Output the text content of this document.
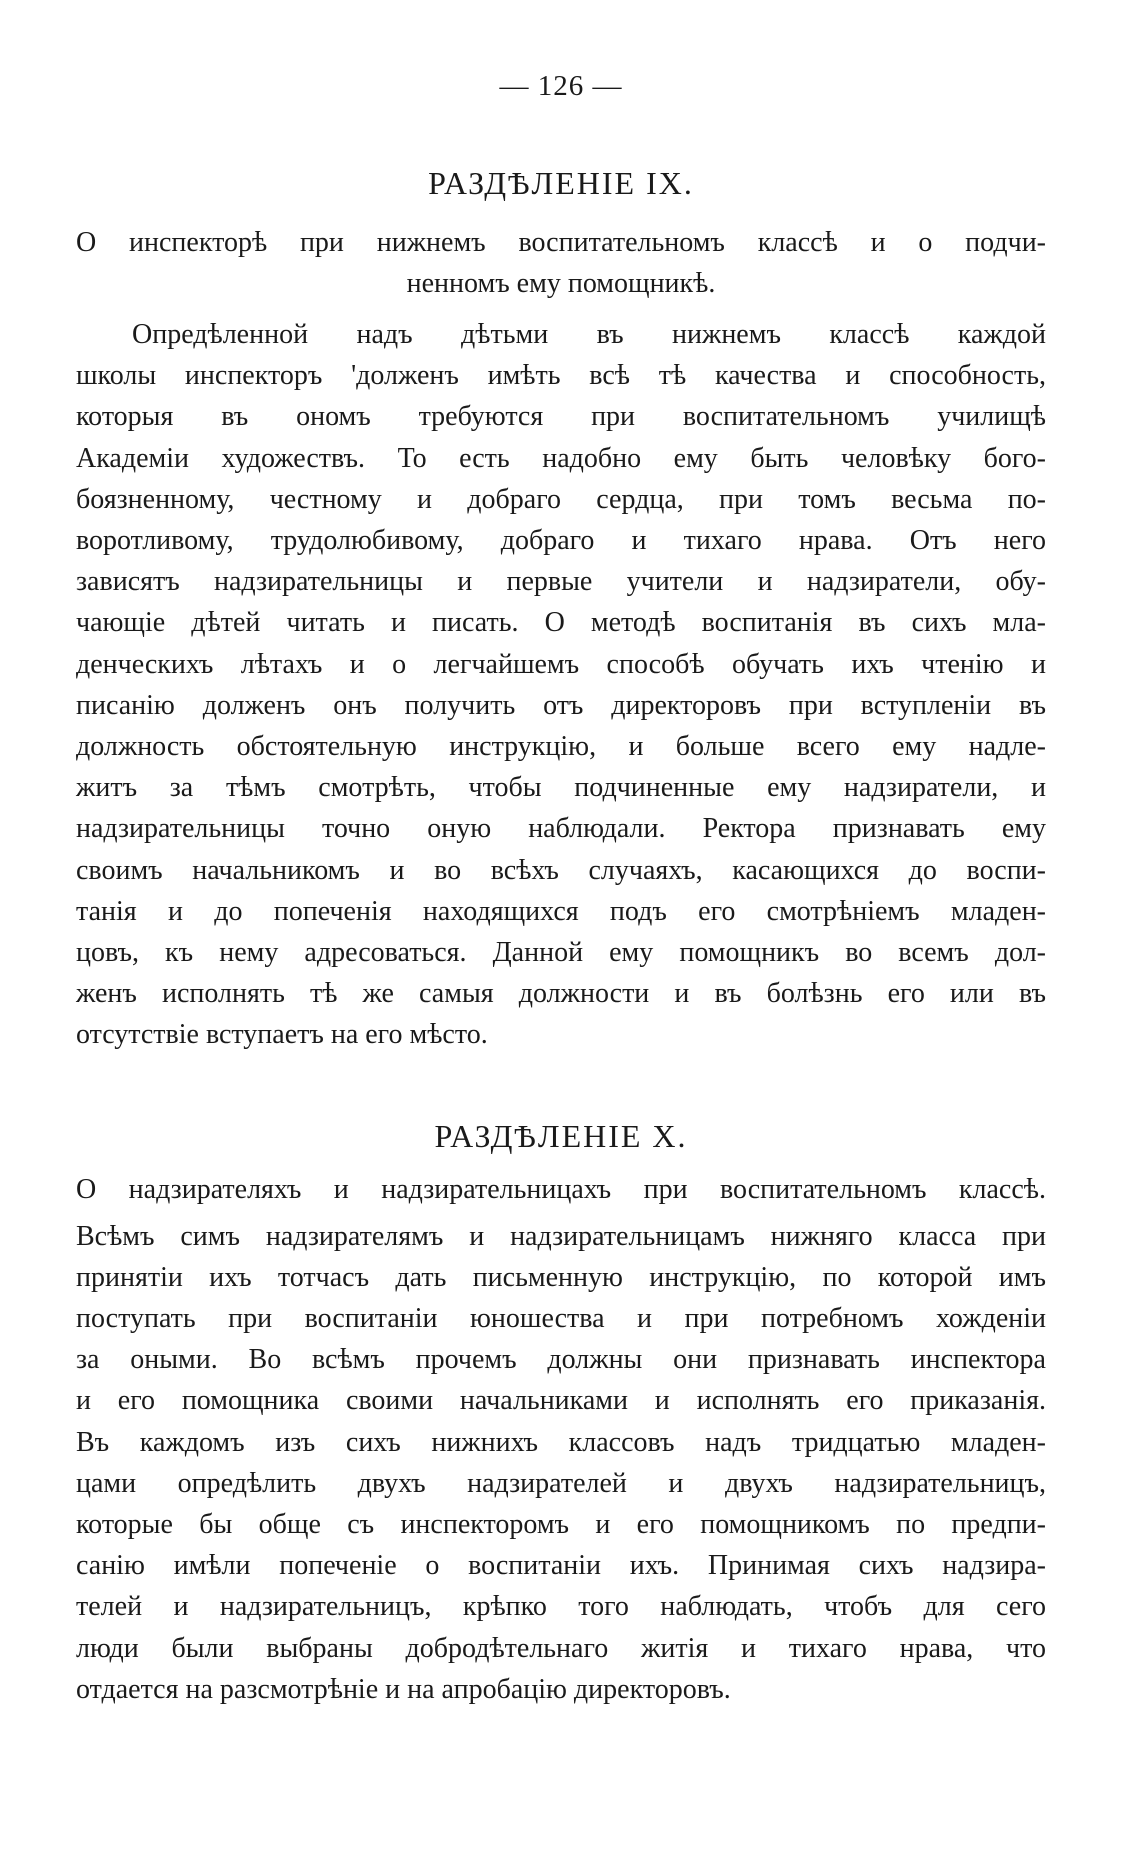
— 126 —
РАЗДѢЛЕНІЕ IX.
О инспекторѣ при нижнемъ воспитательномъ классѣ и о подчи-
ненномъ ему помощникѣ.
Опредѣленной надъ дѣтьми въ нижнемъ классѣ каждой
школы инспекторъ 'долженъ имѣть всѣ тѣ качества и способность,
которыя въ ономъ требуются при воспитательномъ училищѣ
Академіи художествъ. То есть надобно ему быть человѣку бого-
боязненному, честному и добраго сердца, при томъ весьма по-
воротливому, трудолюбивому, добраго и тихаго нрава. Отъ него
зависятъ надзирательницы и первые учители и надзиратели, обу-
чающіе дѣтей читать и писать. О методѣ воспитанія въ сихъ мла-
денческихъ лѣтахъ и о легчайшемъ способѣ обучать ихъ чтенію и
писанію долженъ онъ получить отъ директоровъ при вступленіи въ
должность обстоятельную инструкцію, и больше всего ему надле-
житъ за тѣмъ смотрѣть, чтобы подчиненные ему надзиратели, и
надзирательницы точно оную наблюдали. Ректора признавать ему
своимъ начальникомъ и во всѣхъ случаяхъ, касающихся до воспи-
танія и до попеченія находящихся подъ его смотрѣніемъ младен-
цовъ, къ нему адресоваться. Данной ему помощникъ во всемъ дол-
женъ исполнять тѣ же самыя должности и въ болѣзнь его или въ
отсутствіе вступаетъ на его мѣсто.
РАЗДѢЛЕНІЕ X.
О надзирателяхъ и надзирательницахъ при воспитательномъ классѣ.
Всѣмъ симъ надзирателямъ и надзирательницамъ нижняго класса при
принятіи ихъ тотчасъ дать письменную инструкцію, по которой имъ
поступать при воспитаніи юношества и при потребномъ хожденіи
за оными. Во всѣмъ прочемъ должны они признавать инспектора
и его помощника своими начальниками и исполнять его приказанія.
Въ каждомъ изъ сихъ нижнихъ классовъ надъ тридцатью младен-
цами опредѣлить двухъ надзирателей и двухъ надзирательницъ,
которые бы обще съ инспекторомъ и его помощникомъ по предпи-
санію имѣли попеченіе о воспитаніи ихъ. Принимая сихъ надзира-
телей и надзирательницъ, крѣпко того наблюдать, чтобъ для сего
люди были выбраны добродѣтельнаго житія и тихаго нрава, что
отдается на разсмотрѣніе и на апробацію директоровъ.
